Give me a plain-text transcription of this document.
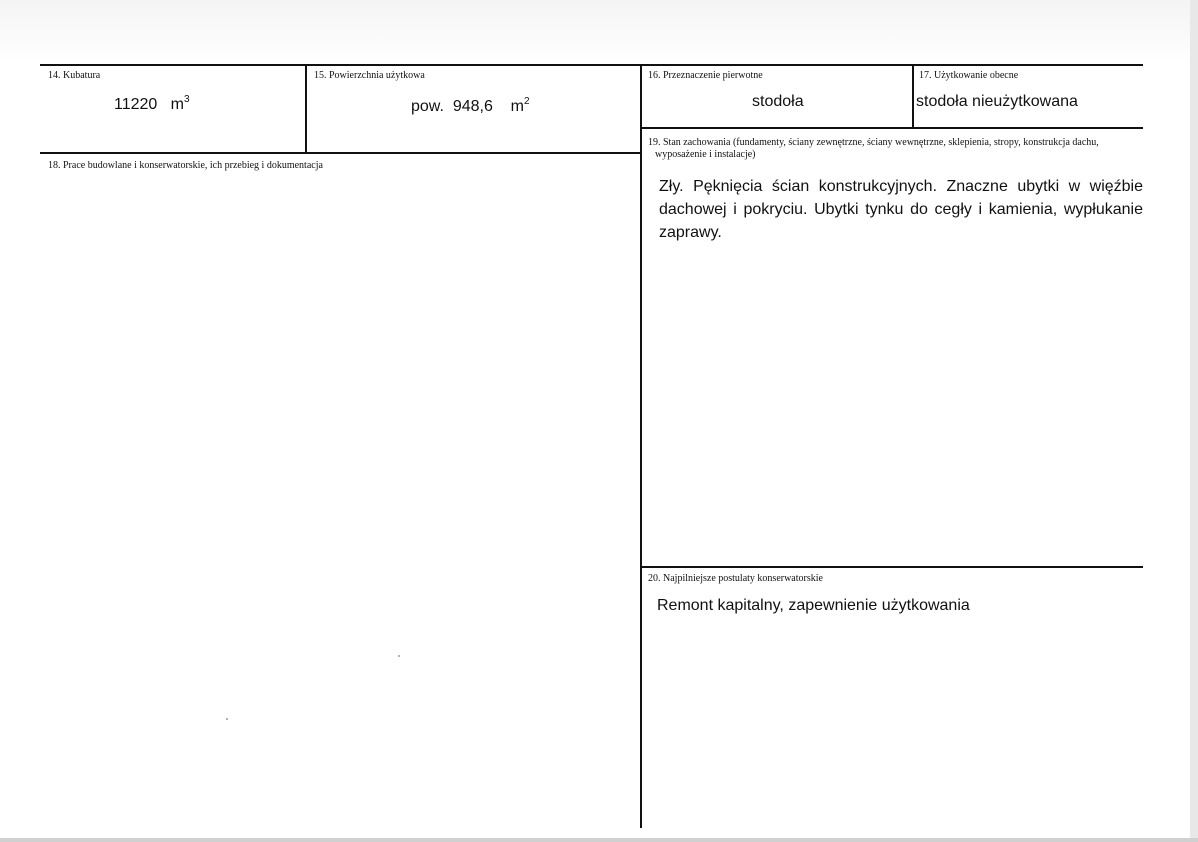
14. Kubatura
11220 $m^3$
15. Powierzchnia użytkowa
pow. 948,6 $m^2$
16. Przeznaczenie pierwotne
stodoła
17. Użytkowanie obecne
stodoła nieużytkowana
18. Prace budowlane i konserwatorskie, ich przebieg i dokumentacja
19. Stan zachowania (fundamenty, ściany zewnętrzne, ściany wewnętrzne, sklepienia, stropy, konstrukcja dachu,
wyposażenie i instalacje)
Zły. Pęknięcia ścian konstrukcyjnych. Znaczne ubytki w więźbie dachowej i pokryciu. Ubytki tynku do cegły i kamienia, wypłukanie zaprawy.
20. Najpilniejsze postulaty konserwatorskie
Remont kapitalny, zapewnienie użytkowania
